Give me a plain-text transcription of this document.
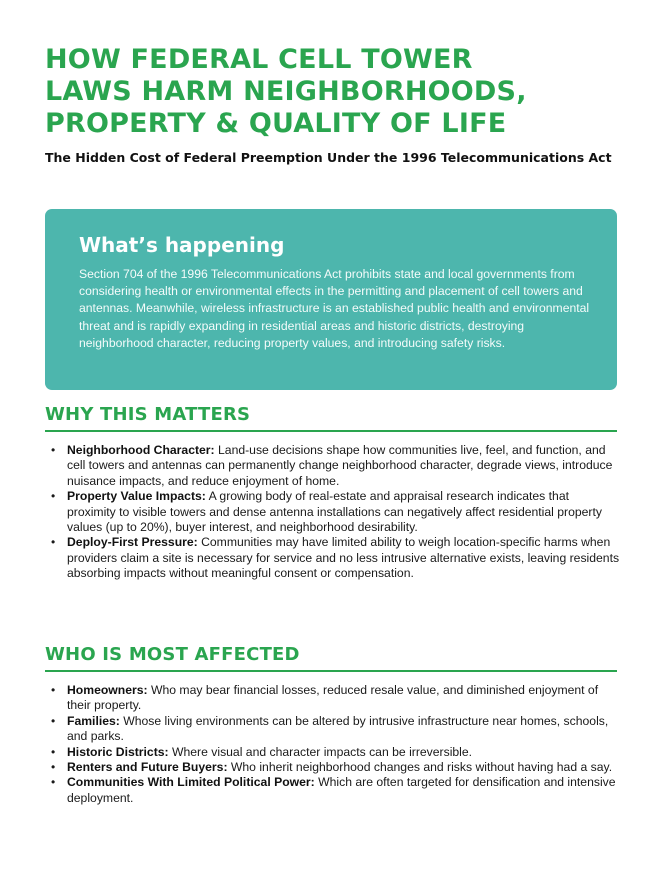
HOW FEDERAL CELL TOWER
LAWS HARM NEIGHBORHOODS,
PROPERTY & QUALITY OF LIFE

The Hidden Cost of Federal Preemption Under the 1996 Telecommunications Act

What’s happening

Section 704 of the 1996 Telecommunications Act prohibits state and local governments from considering health or environmental effects in the permitting and placement of cell towers and antennas. Meanwhile, wireless infrastructure is an established public health and environmental threat and is rapidly expanding in residential areas and historic districts, destroying neighborhood character, reducing property values, and introducing safety risks.

WHY THIS MATTERS
• Neighborhood Character: Land-use decisions shape how communities live, feel, and function, and cell towers and antennas can permanently change neighborhood character, degrade views, introduce nuisance impacts, and reduce enjoyment of home.
• Property Value Impacts: A growing body of real-estate and appraisal research indicates that proximity to visible towers and dense antenna installations can negatively affect residential property values (up to 20%), buyer interest, and neighborhood desirability.
• Deploy-First Pressure: Communities may have limited ability to weigh location-specific harms when providers claim a site is necessary for service and no less intrusive alternative exists, leaving residents absorbing impacts without meaningful consent or compensation.
WHO IS MOST AFFECTED
• Homeowners: Who may bear financial losses, reduced resale value, and diminished enjoyment of their property.
• Families: Whose living environments can be altered by intrusive infrastructure near homes, schools, and parks.
• Historic Districts: Where visual and character impacts can be irreversible.
• Renters and Future Buyers: Who inherit neighborhood changes and risks without having had a say.
• Communities With Limited Political Power: Which are often targeted for densification and intensive deployment.
